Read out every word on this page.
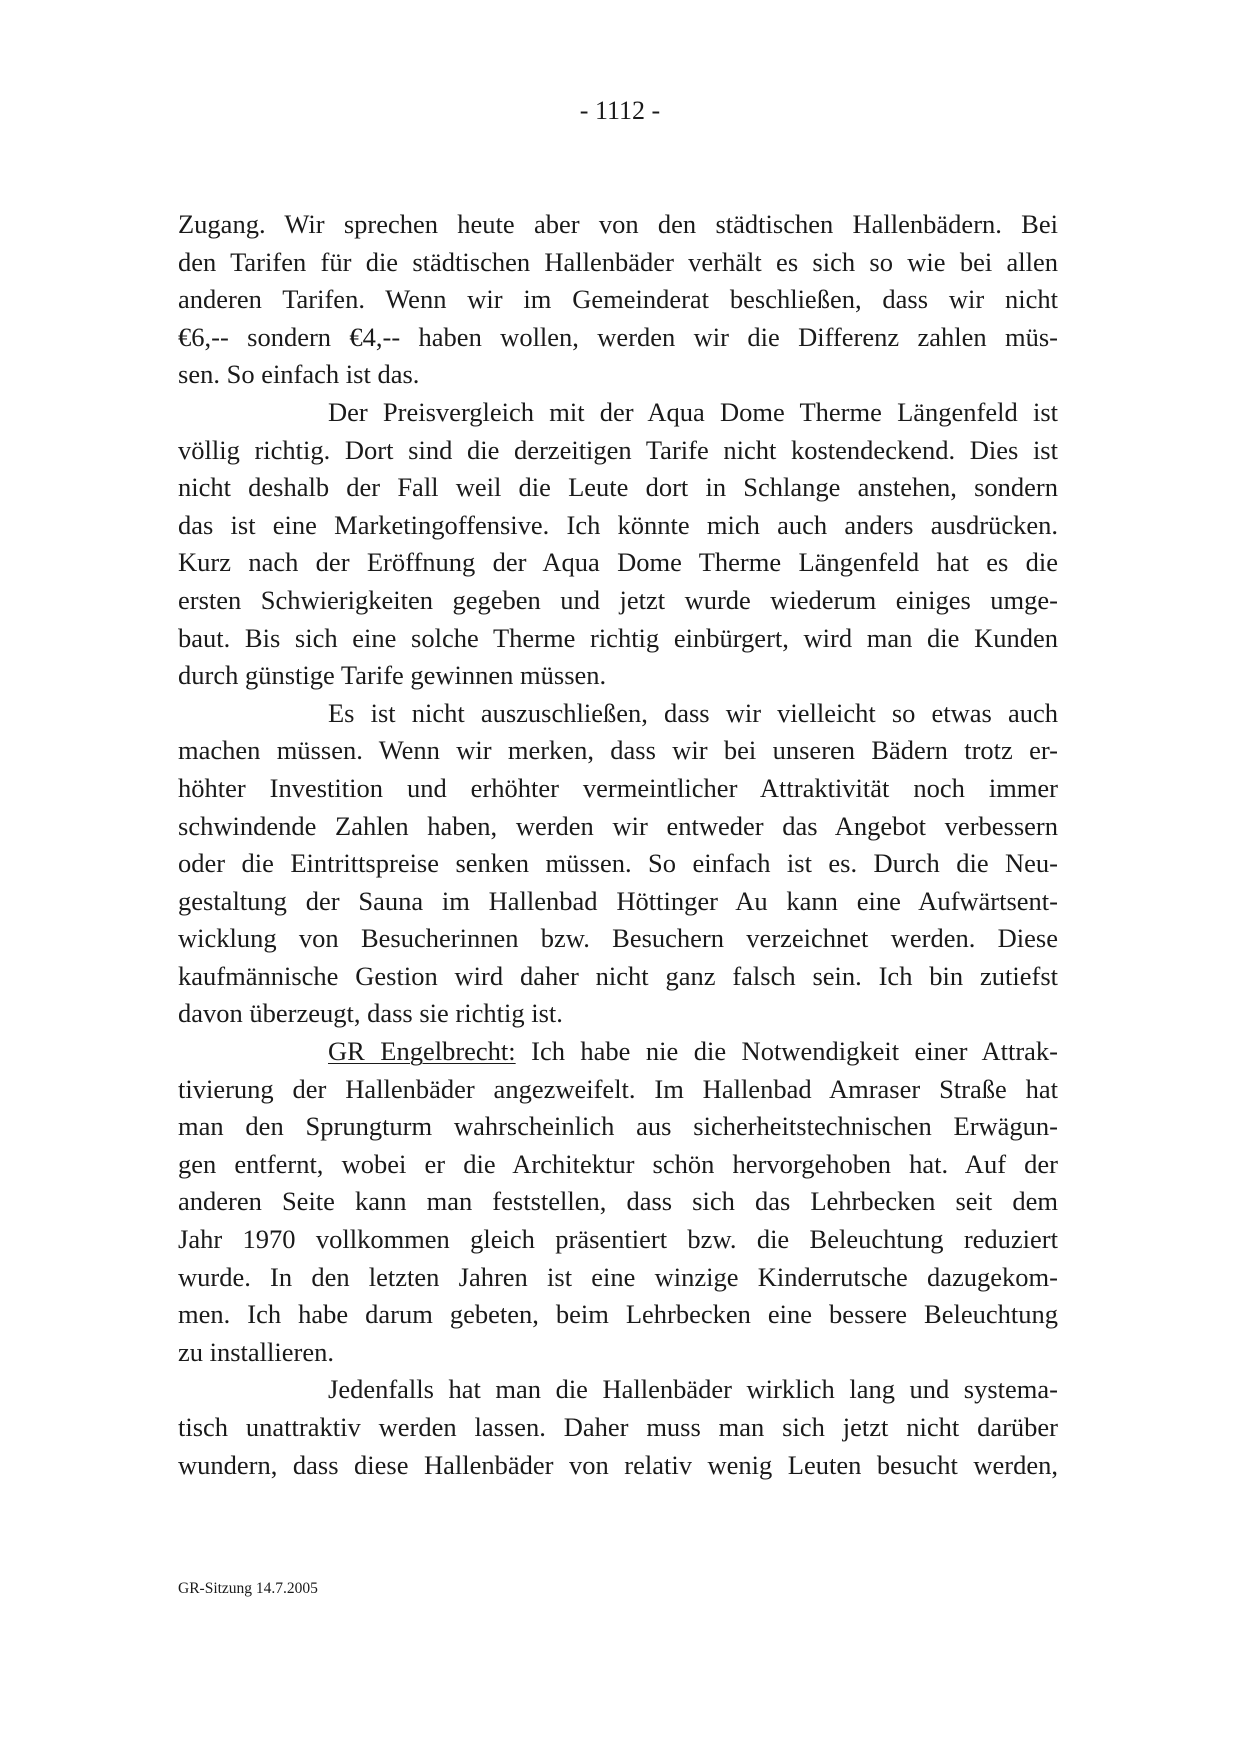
- 1112 -
Zugang. Wir sprechen heute aber von den städtischen Hallenbädern. Bei
den Tarifen für die städtischen Hallenbäder verhält es sich so wie bei allen
anderen Tarifen. Wenn wir im Gemeinderat beschließen, dass wir nicht
€6,-- sondern €4,-- haben wollen, werden wir die Differenz zahlen müs-
sen. So einfach ist das.
Der Preisvergleich mit der Aqua Dome Therme Längenfeld ist
völlig richtig. Dort sind die derzeitigen Tarife nicht kostendeckend. Dies ist
nicht deshalb der Fall weil die Leute dort in Schlange anstehen, sondern
das ist eine Marketingoffensive. Ich könnte mich auch anders ausdrücken.
Kurz nach der Eröffnung der Aqua Dome Therme Längenfeld hat es die
ersten Schwierigkeiten gegeben und jetzt wurde wiederum einiges umge-
baut. Bis sich eine solche Therme richtig einbürgert, wird man die Kunden
durch günstige Tarife gewinnen müssen.
Es ist nicht auszuschließen, dass wir vielleicht so etwas auch
machen müssen. Wenn wir merken, dass wir bei unseren Bädern trotz er-
höhter Investition und erhöhter vermeintlicher Attraktivität noch immer
schwindende Zahlen haben, werden wir entweder das Angebot verbessern
oder die Eintrittspreise senken müssen. So einfach ist es. Durch die Neu-
gestaltung der Sauna im Hallenbad Höttinger Au kann eine Aufwärtsent-
wicklung von Besucherinnen bzw. Besuchern verzeichnet werden. Diese
kaufmännische Gestion wird daher nicht ganz falsch sein. Ich bin zutiefst
davon überzeugt, dass sie richtig ist.
GR Engelbrecht: Ich habe nie die Notwendigkeit einer Attrak-
tivierung der Hallenbäder angezweifelt. Im Hallenbad Amraser Straße hat
man den Sprungturm wahrscheinlich aus sicherheitstechnischen Erwägun-
gen entfernt, wobei er die Architektur schön hervorgehoben hat. Auf der
anderen Seite kann man feststellen, dass sich das Lehrbecken seit dem
Jahr 1970 vollkommen gleich präsentiert bzw. die Beleuchtung reduziert
wurde. In den letzten Jahren ist eine winzige Kinderrutsche dazugekom-
men. Ich habe darum gebeten, beim Lehrbecken eine bessere Beleuchtung
zu installieren.
Jedenfalls hat man die Hallenbäder wirklich lang und systema-
tisch unattraktiv werden lassen. Daher muss man sich jetzt nicht darüber
wundern, dass diese Hallenbäder von relativ wenig Leuten besucht werden,
GR-Sitzung 14.7.2005
